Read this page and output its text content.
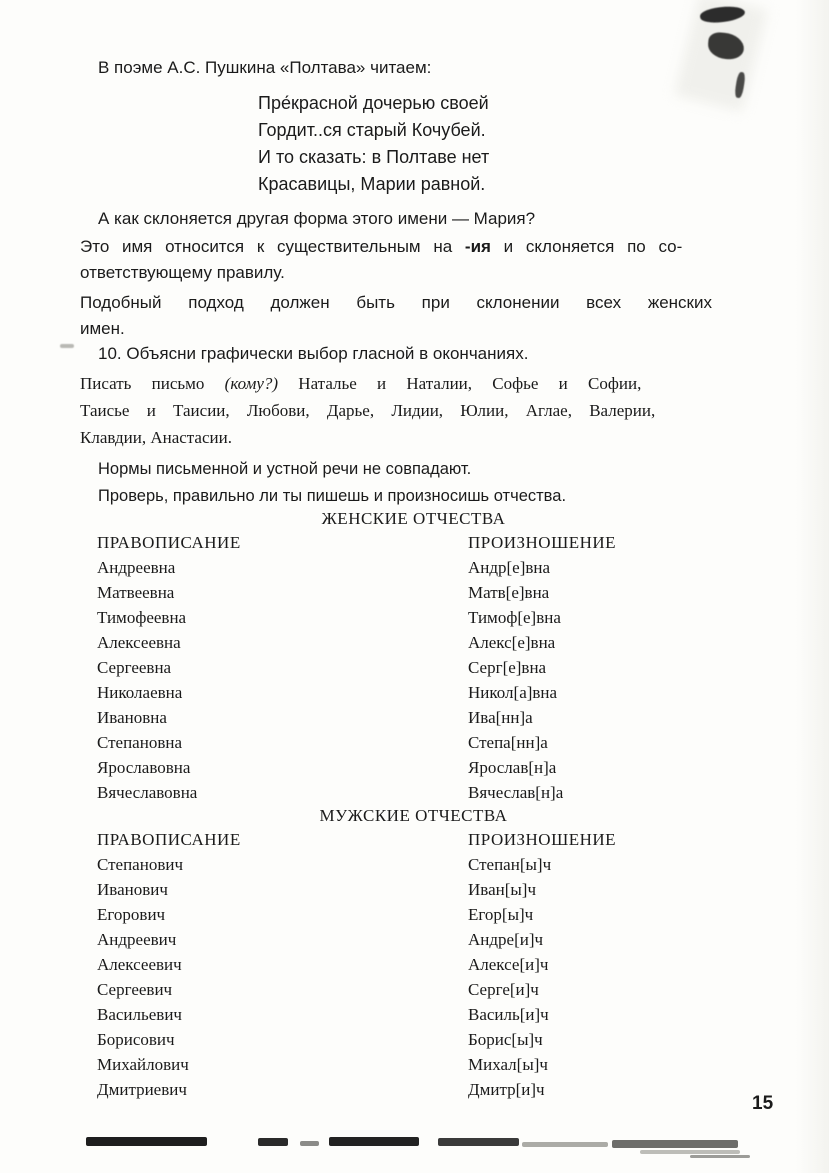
В поэме А.С. Пушкина «Полтава» читаем:

Пре́красной дочерью своей
Гордит..ся старый Кочубей.
И то сказать: в Полтаве нет
Красавицы, Марии равной.

А как склоняется другая форма этого имени — Мария?

Это имя относится к существительным на -ия и склоняется по со-
ответствующему правилу.

Подобный подход должен быть при склонении всех женских
имен.

10. Объясни графически выбор гласной в окончаниях.

Писать письмо (кому?) Наталье и Наталии, Софье и Софии,
Таисье и Таисии, Любови, Дарье, Лидии, Юлии, Аглае, Валерии,
Клавдии, Анастасии.

Нормы письменной и устной речи не совпадают.

Проверь, правильно ли ты пишешь и произносишь отчества.

ЖЕНСКИЕ ОТЧЕСТВА
ПРАВОПИСАНИЕ	ПРОИЗНОШЕНИЕ
Андреевна	Андр[е]вна
Матвеевна	Матв[е]вна
Тимофеевна	Тимоф[е]вна
Алексеевна	Алекс[е]вна
Сергеевна	Серг[е]вна
Николаевна	Никол[а]вна
Ивановна	Ива[нн]а
Степановна	Степа[нн]а
Ярославовна	Ярослав[н]а
Вячеславовна	Вячеслав[н]а
МУЖСКИЕ ОТЧЕСТВА
ПРАВОПИСАНИЕ	ПРОИЗНОШЕНИЕ
Степанович	Степан[ы]ч
Иванович	Иван[ы]ч
Егорович	Егор[ы]ч
Андреевич	Андре[и]ч
Алексеевич	Алексе[и]ч
Сергеевич	Серге[и]ч
Васильевич	Василь[и]ч
Борисович	Борис[ы]ч
Михайлович	Михал[ы]ч
Дмитриевич	Дмитр[и]ч
15
